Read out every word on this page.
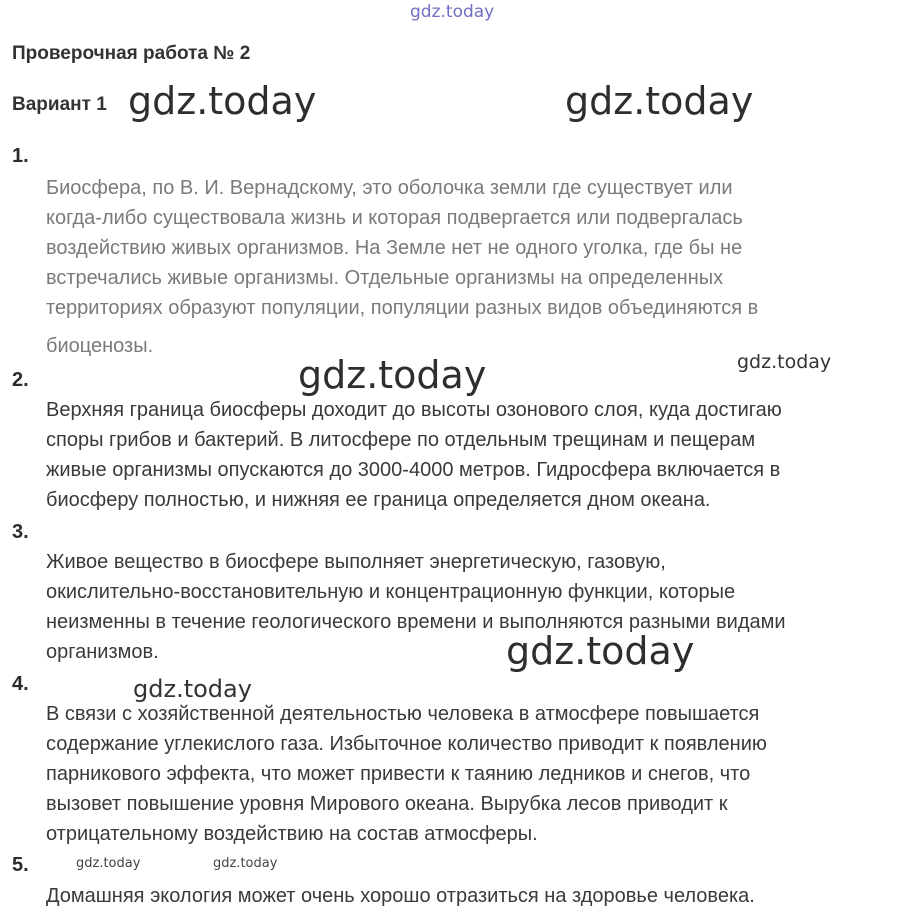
gdz.today
gdz.today	gdz.today
gdz.today
gdz.today
gdz.today
gdz.today
gdz.today	gdz.today
Проверочная работа № 2
Вариант 1
1.
Биосфера, по В. И. Вернадскому, это оболочка земли где существует или
когда-либо существовала жизнь и которая подвергается или подвергалась
воздействию живых организмов. На Земле нет не одного уголка, где бы не
встречались живые организмы. Отдельные организмы на определенных
территориях образуют популяции, популяции разных видов объединяются в
биоценозы.
2.
Верхняя граница биосферы доходит до высоты озонового слоя, куда достигаю
споры грибов и бактерий. В литосфере по отдельным трещинам и пещерам
живые организмы опускаются до 3000-4000 метров. Гидросфера включается в
биосферу полностью, и нижняя ее граница определяется дном океана.
3.
Живое вещество в биосфере выполняет энергетическую, газовую,
окислительно-восстановительную и концентрационную функции, которые
неизменны в течение геологического времени и выполняются разными видами
организмов.
4.
В связи с хозяйственной деятельностью человека в атмосфере повышается
содержание углекислого газа. Избыточное количество приводит к появлению
парникового эффекта, что может привести к таянию ледников и снегов, что
вызовет повышение уровня Мирового океана. Вырубка лесов приводит к
отрицательному воздействию на состав атмосферы.
5.
Домашняя экология может очень хорошо отразиться на здоровье человека.
